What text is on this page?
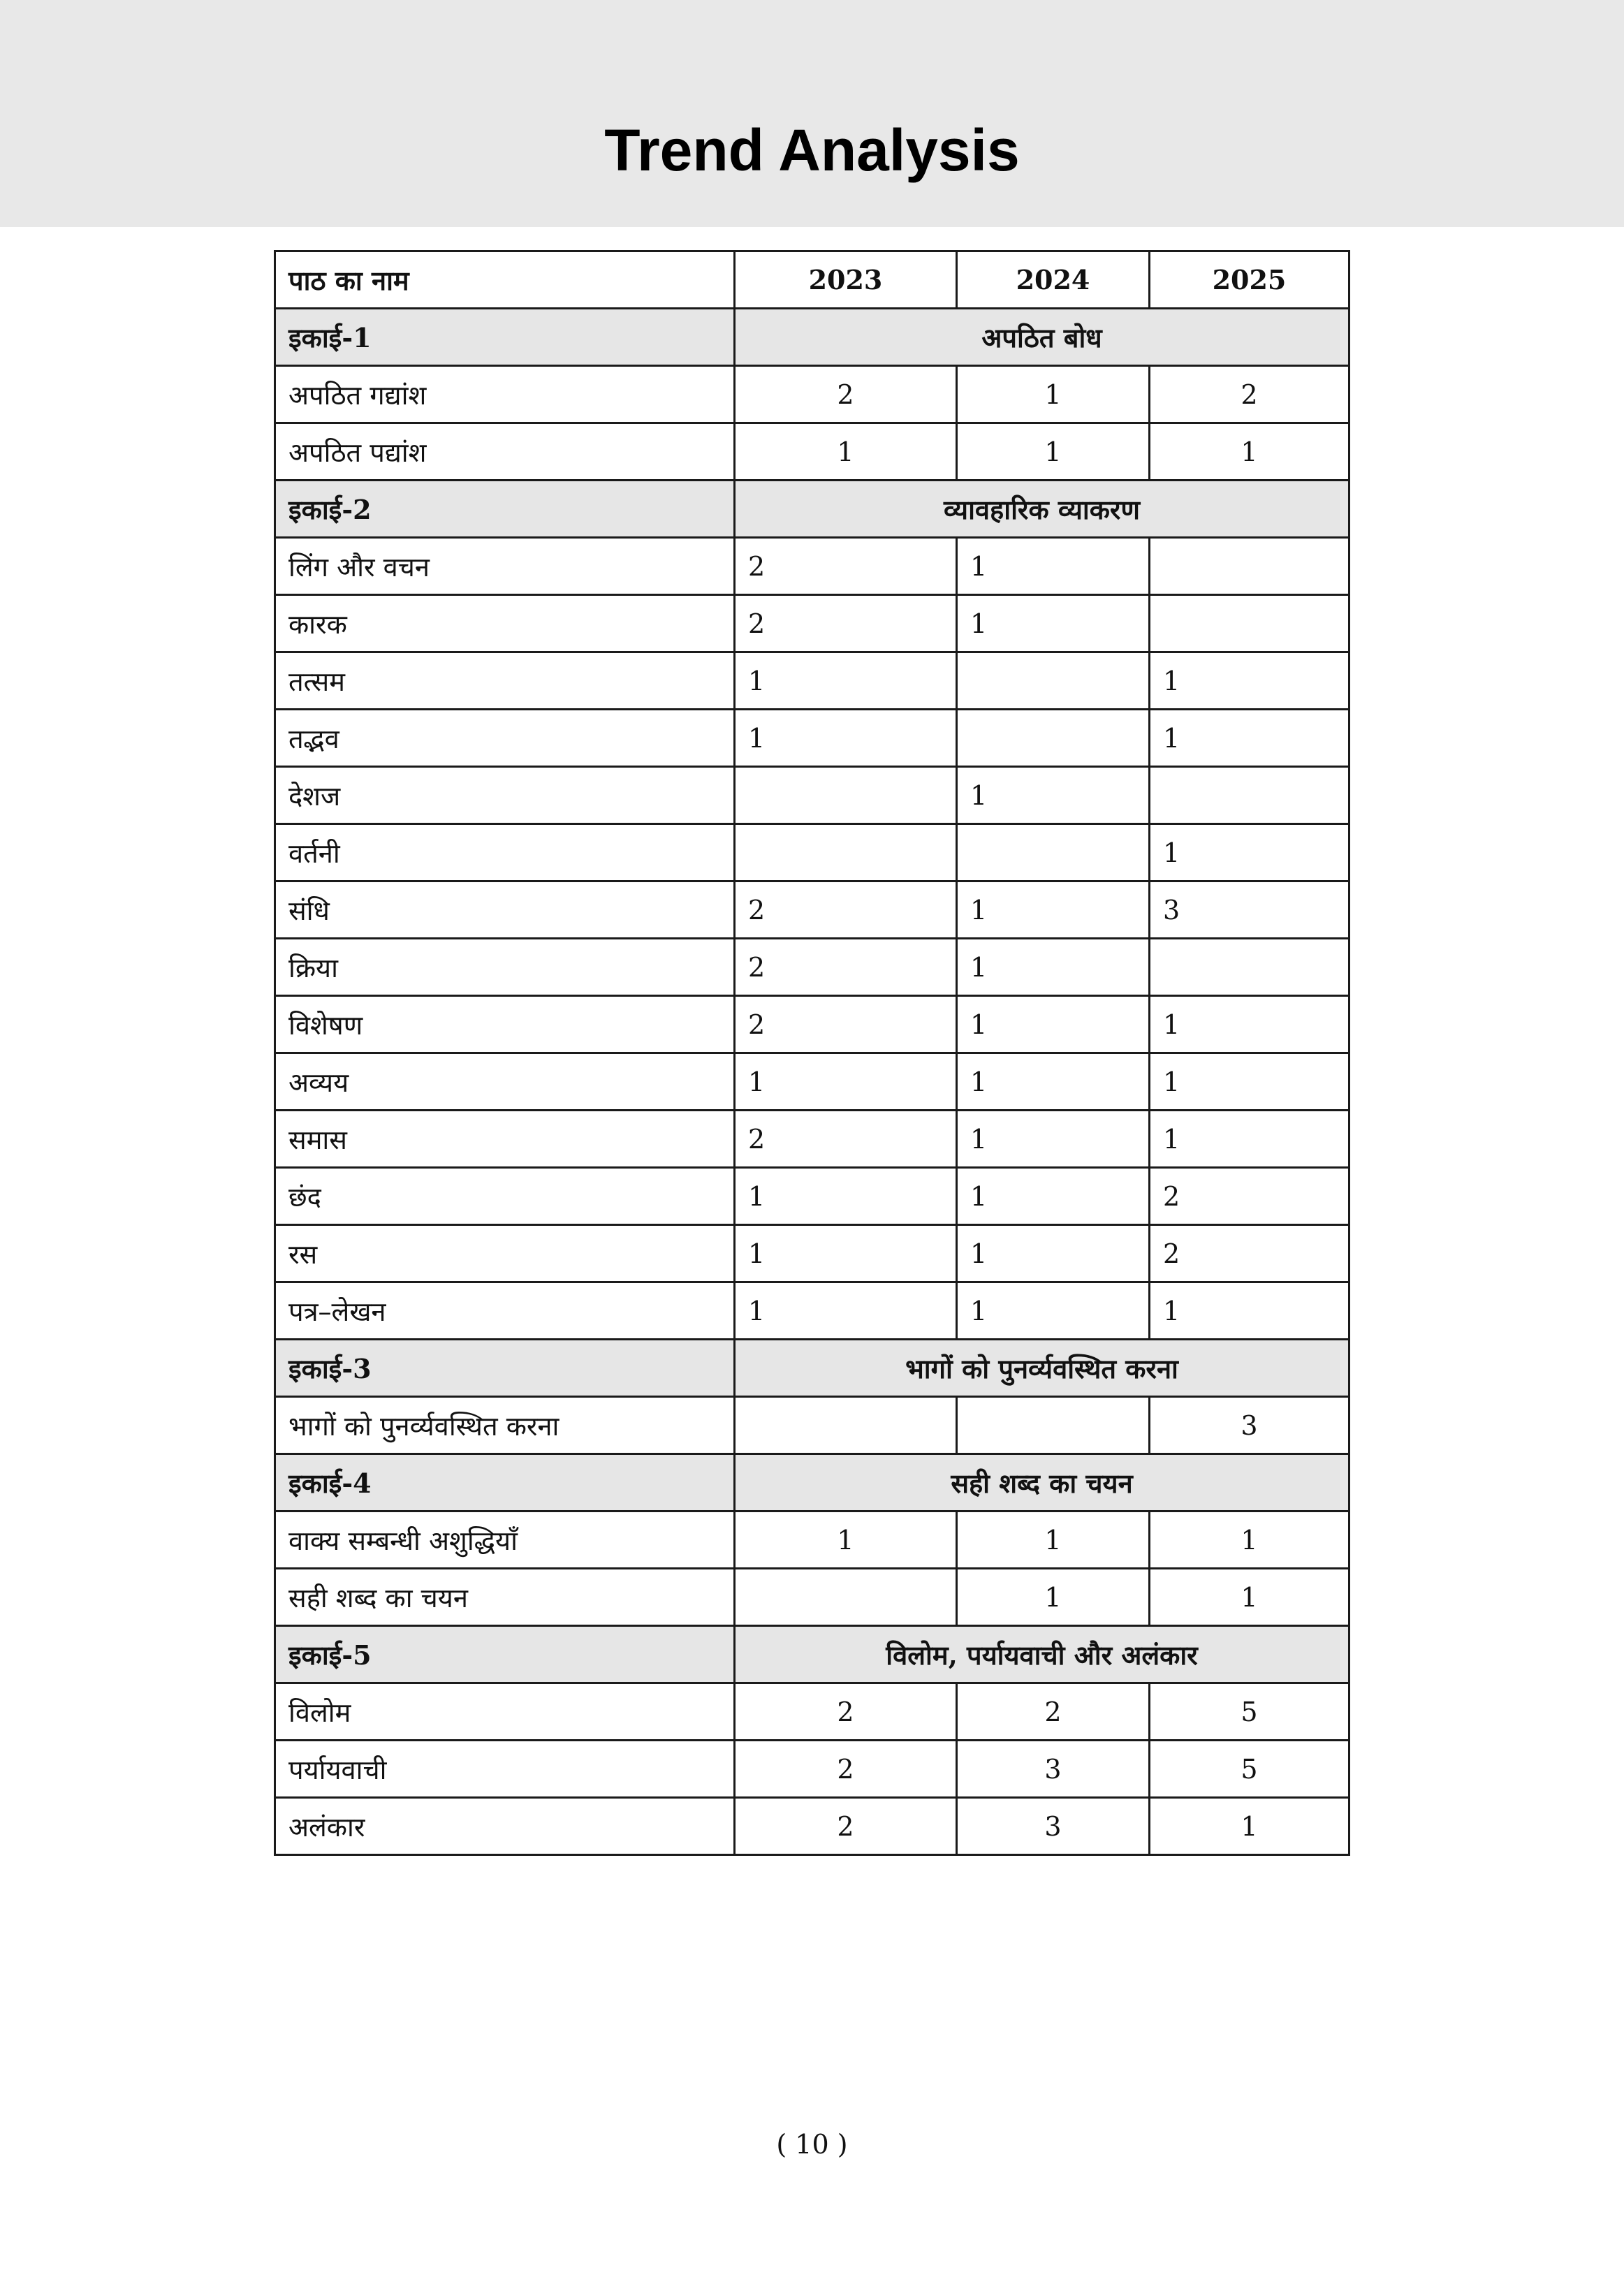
Trend Analysis
पाठ का नाम	2023	2024	2025
इकाई-1	अपठित बोध		
अपठित गद्यांश	2	1	2
अपठित पद्यांश	1	1	1
इकाई-2	व्यावहारिक व्याकरण		
लिंग और वचन	2	1	
कारक	2	1	
तत्सम	1		1
तद्भव	1		1
देशज		1	
वर्तनी			1
संधि	2	1	3
क्रिया	2	1	
विशेषण	2	1	1
अव्यय	1	1	1
समास	2	1	1
छंद	1	1	2
रस	1	1	2
पत्र–लेखन	1	1	1
इकाई-3	भागों को पुनर्व्यवस्थित करना		
भागों को पुनर्व्यवस्थित करना			3
इकाई-4	सही शब्द का चयन		
वाक्य सम्बन्धी अशुद्धियाँ	1	1	1
सही शब्द का चयन		1	1
इकाई-5	विलोम, पर्यायवाची और अलंकार		
विलोम	2	2	5
पर्यायवाची	2	3	5
अलंकार	2	3	1
( 10 )
